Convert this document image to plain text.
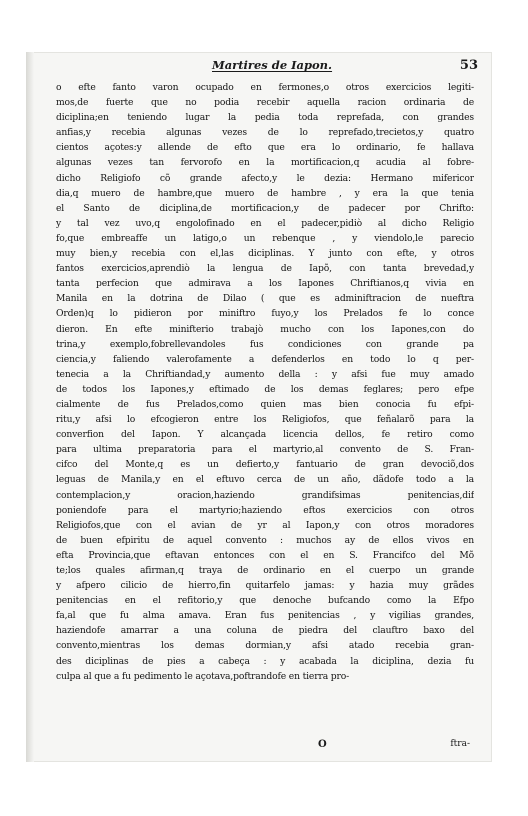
Martires de Iapon.	53
o efte fanto varon ocupado en fermones,o otros exercicios legiti-
mos,de fuerte que no podia recebir aquella racion ordinaria de
diciplina;en teniendo lugar la pedia toda reprefada, con grandes
anfias,y recebia algunas vezes de lo reprefado,trecietos,y quatro
cientos açotes:y allende de efto que era lo ordinario, fe hallava
algunas vezes tan fervorofo en la mortificacion,q acudia al fobre-
dicho Religiofo cõ grande afecto,y le dezia: Hermano mifericor
dia,q muero de hambre,que muero de hambre , y era la que tenia
el Santo de diciplina,de mortificacion,y de padecer por Chrifto:
y tal vez uvo,q engolofinado en el padecer,pidiò al dicho Religio
fo,que embreaffe un latigo,o un rebenque , y viendolo,le parecio
muy bien,y recebia con el,las diciplinas. Y junto con efte, y otros
fantos exercicios,aprendiò la lengua de Iapõ, con tanta brevedad,y
tanta perfecion que admirava a los Iapones Chriftianos,q vivia en
Manila en la dotrina de Dilao ( que es adminiftracion de nueftra
Orden)q lo pidieron por miniftro fuyo,y los Prelados fe lo conce
dieron. En efte minifterio trabajò mucho con los Iapones,con do
trina,y exemplo,fobrellevandoles fus condiciones con grande pa
ciencia,y faliendo valerofamente a defenderlos en todo lo q per-
tenecia a la Chriftiandad,y aumento della : y afsi fue muy amado
de todos los Iapones,y eftimado de los demas feglares; pero efpe
cialmente de fus Prelados,como quien mas bien conocia fu efpi-
ritu,y afsi lo efcogieron entre los Religiofos, que feñalarõ para la
converfion del Iapon. Y alcançada licencia dellos, fe retiro como
para ultima preparatoria para el martyrio,al convento de S. Fran-
cifco del Monte,q es un defierto,y fantuario de gran devociõ,dos
leguas de Manila,y en el eftuvo cerca de un año, dãdofe todo a la
contemplacion,y oracion,haziendo grandifsimas penitencias,dif
poniendofe para el martyrio;haziendo eftos exercicios con otros
Religiofos,que con el avian de yr al Iapon,y con otros moradores
de buen efpiritu de aquel convento : muchos ay de ellos vivos en
efta Provincia,que eftavan entonces con el en S. Francifco del Mõ
te;los quales afirman,q traya de ordinario en el cuerpo un grande
y afpero cilicio de hierro,fin quitarfelo jamas: y hazia muy grãdes
penitencias en el refitorio,y que denoche bufcando como la Efpo
fa,al que fu alma amava. Eran fus penitencias , y vigilias grandes,
haziendofe amarrar a una coluna de piedra del clauftro baxo del
convento,mientras los demas dormian,y afsi atado recebia gran-
des diciplinas de pies a cabeça : y acabada la diciplina, dezia fu
culpa al que a fu pedimento le açotava,poftrandofe en tierra pro-
O	ftra-
